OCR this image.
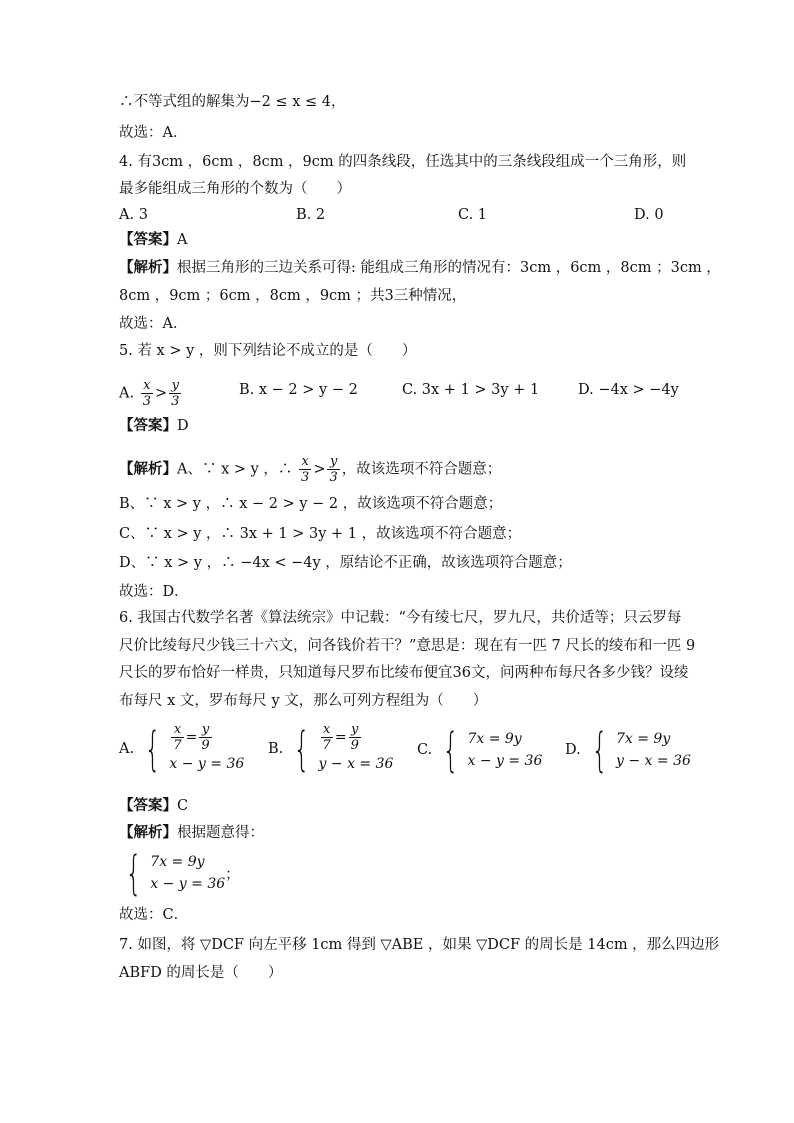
∴不等式组的解集为−2 ≤ x ≤ 4，
故选：A．
4. 有3cm ，6cm ，8cm ，9cm 的四条线段，任选其中的三条线段组成一个三角形，则
最多能组成三角形的个数为（　　）
A. 3	B. 2	C. 1	D. 0
【答案】A
【解析】根据三角形的三边关系可得: 能组成三角形的情况有：3cm ，6cm ，8cm ；3cm ，
8cm ，9cm ；6cm ，8cm ，9cm ；共3三种情况，
故选：A．
5. 若 x > y ，则下列结论不成立的是（　　）
A. $\frac{x}{3} > \frac{y}{3}$	B. x − 2 > y − 2	C. 3x + 1 > 3y + 1	D. −4x > −4y
【答案】D
【解析】A、∵ x > y ，∴ $\frac{x}{3} > \frac{y}{3}$ ，故该选项不符合题意；
B、∵ x > y ，∴ x − 2 > y − 2 ，故该选项不符合题意；
C、∵ x > y ，∴ 3x + 1 > 3y + 1 ，故该选项不符合题意；
D、∵ x > y ，∴ −4x < −4y ，原结论不正确，故该选项符合题意；
故选：D．
6. 我国古代数学名著《算法统宗》中记载：“今有绫七尺，罗九尺，共价适等；只云罗每
尺价比绫每尺少钱三十六文，问各钱价若干？”意思是：现在有一匹 7 尺长的绫布和一匹 9
尺长的罗布恰好一样贵，只知道每尺罗布比绫布便宜36文，问两种布每尺各多少钱？设绫
布每尺 x 文，罗布每尺 y 文，那么可列方程组为（　　）
A. { $\frac{x}{7} = \frac{y}{9}$
x − y = 36
B. { $\frac{x}{7} = \frac{y}{9}$
y − x = 36
C. { 7x = 9y
x − y = 36
D. { 7x = 9y
y − x = 36
【答案】C
【解析】根据题意得：
{ 7x = 9y
x − y = 36
；
故选：C．
7. 如图，将 ▽DCF 向左平移 1cm 得到 ▽ABE ，如果 ▽DCF 的周长是 14cm ，那么四边形
ABFD 的周长是（　　）
